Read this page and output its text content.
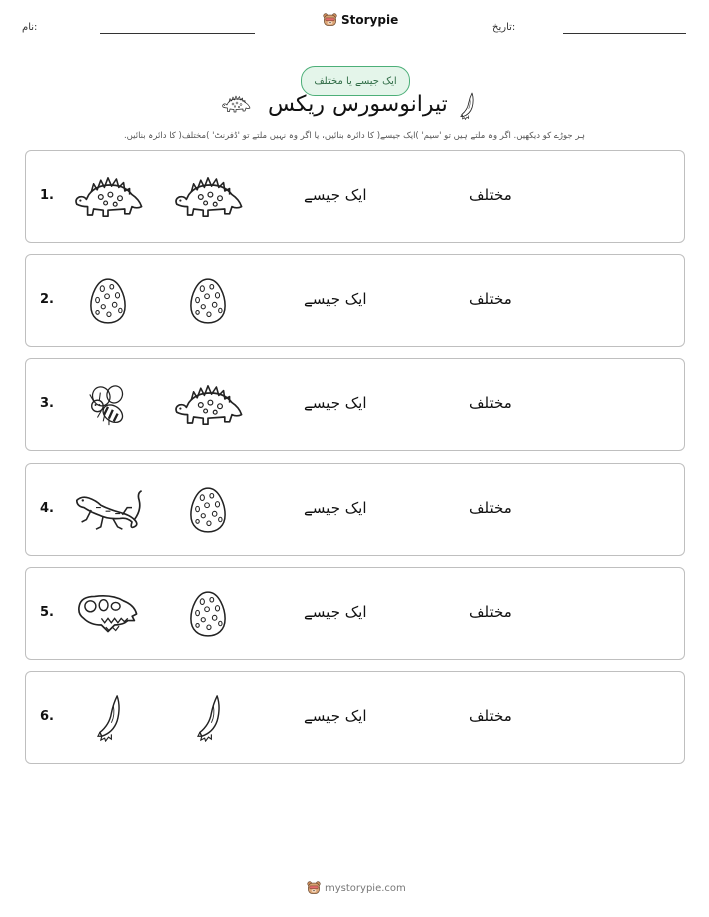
نام:
Storypie
تاریخ:
ایک جیسے یا مختلف
تیرانوسورس ریکس
ہر جوڑے کو دیکھیں. اگر وہ ملتے ہیں تو 'سیم' )ایک جیسے( کا دائرہ بنائیں، یا اگر وہ نہیں ملتے تو 'ڈفرنٹ' )مختلف( کا دائرہ بنائیں.
1.	ایک جیسے	مختلف
2.	ایک جیسے	مختلف
3.	ایک جیسے	مختلف
4.	ایک جیسے	مختلف
5.	ایک جیسے	مختلف
6.	ایک جیسے	مختلف
mystorypie.com
